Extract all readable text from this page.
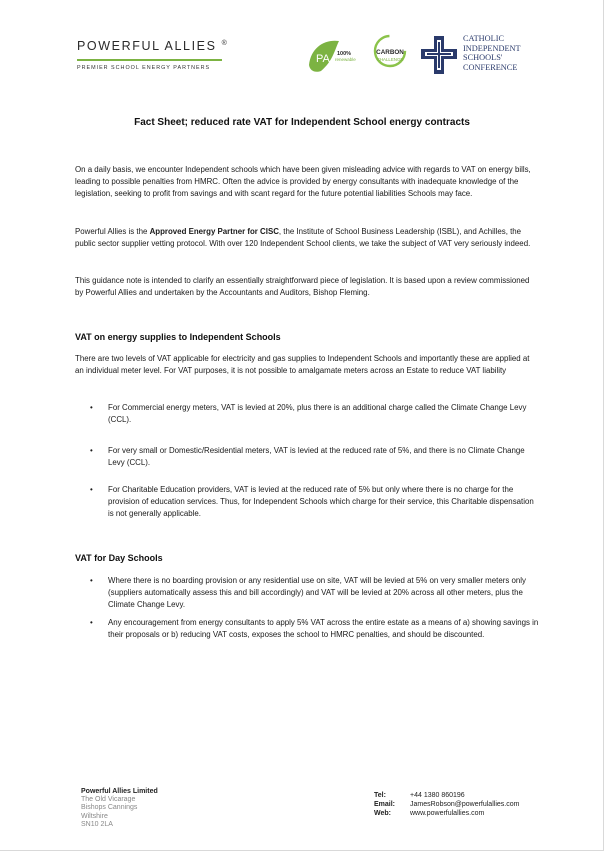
POWERFUL ALLIES ®
PREMIER SCHOOL ENERGY PARTNERS
PA 100%
renewable
CARBON
CHALLENGE
CATHOLIC
INDEPENDENT
SCHOOLS'
CONFERENCE
Fact Sheet; reduced rate VAT for Independent School energy contracts

On a daily basis, we encounter Independent schools which have been given misleading advice with regards to VAT on energy bills, leading to possible penalties from HMRC. Often the advice is provided by energy consultants with inadequate knowledge of the legislation, seeking to profit from savings and with scant regard for the future potential liabilities Schools may face.

Powerful Allies is the Approved Energy Partner for CISC, the Institute of School Business Leadership (ISBL), and Achilles, the public sector supplier vetting protocol. With over 120 Independent School clients, we take the subject of VAT very seriously indeed.

This guidance note is intended to clarify an essentially straightforward piece of legislation. It is based upon a review commissioned by Powerful Allies and undertaken by the Accountants and Auditors, Bishop Fleming.

VAT on energy supplies to Independent Schools

There are two levels of VAT applicable for electricity and gas supplies to Independent Schools and importantly these are applied at an individual meter level. For VAT purposes, it is not possible to amalgamate meters across an Estate to reduce VAT liability

• For Commercial energy meters, VAT is levied at 20%, plus there is an additional charge called the Climate Change Levy (CCL).
• For very small or Domestic/Residential meters, VAT is levied at the reduced rate of 5%, and there is no Climate Change Levy (CCL).
• For Charitable Education providers, VAT is levied at the reduced rate of 5% but only where there is no charge for the provision of education services. Thus, for Independent Schools which charge for their service, this Charitable dispensation is not generally applicable.
VAT for Day Schools
• Where there is no boarding provision or any residential use on site, VAT will be levied at 5% on very smaller meters only (suppliers automatically assess this and bill accordingly) and VAT will be levied at 20% across all other meters, plus the Climate Change Levy.
• Any encouragement from energy consultants to apply 5% VAT across the entire estate as a means of a) showing savings in their proposals or b) reducing VAT costs, exposes the school to HMRC penalties, and should be discounted.
Powerful Allies Limited
The Old Vicarage
Bishops Cannings
Wiltshire
SN10 2LA
Tel:	+44 1380 860196
Email: JamesRobson@powerfulallies.com
Web:	www.powerfulallies.com
